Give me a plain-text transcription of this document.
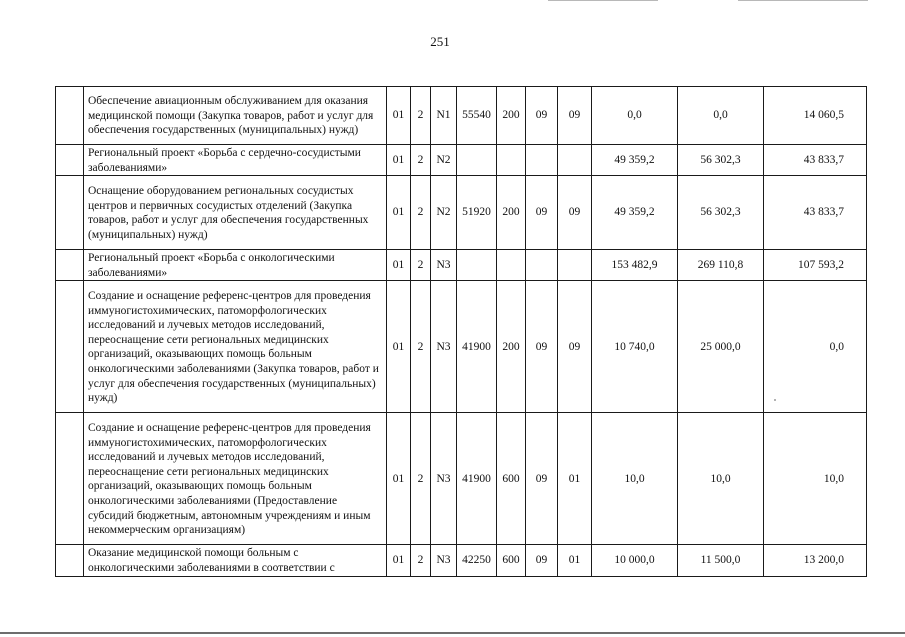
251
	Обеспечение авиационным обслуживанием для оказания медицинской помощи (Закупка товаров, работ и услуг для обеспечения государственных (муниципальных) нужд)	01	2	N1	55540	200	09	09	0,0	0,0	14 060,5
	Региональный проект «Борьба с сердечно-сосудистыми заболеваниями»	01	2	N2					49 359,2	56 302,3	43 833,7
	Оснащение оборудованием региональных сосудистых центров и первичных сосудистых отделений (Закупка товаров, работ и услуг для обеспечения государственных (муниципальных) нужд)	01	2	N2	51920	200	09	09	49 359,2	56 302,3	43 833,7
	Региональный проект «Борьба с онкологическими заболеваниями»	01	2	N3					153 482,9	269 110,8	107 593,2
	Создание и оснащение референс-центров для проведения иммуногистохимических, патоморфологических исследований и лучевых методов исследований, переоснащение сети региональных медицинских организаций, оказывающих помощь больным онкологическими заболеваниями (Закупка товаров, работ и услуг для обеспечения государственных (муниципальных) нужд)	01	2	N3	41900	200	09	09	10 740,0	25 000,0	0,0
	Создание и оснащение референс-центров для проведения иммуногистохимических, патоморфологических исследований и лучевых методов исследований, переоснащение сети региональных медицинских организаций, оказывающих помощь больным онкологическими заболеваниями (Предоставление субсидий бюджетным, автономным учреждениям и иным некоммерческим организациям)	01	2	N3	41900	600	09	01	10,0	10,0	10,0
	Оказание медицинской помощи больным с онкологическими заболеваниями в соответствии с	01	2	N3	42250	600	09	01	10 000,0	11 500,0	13 200,0
